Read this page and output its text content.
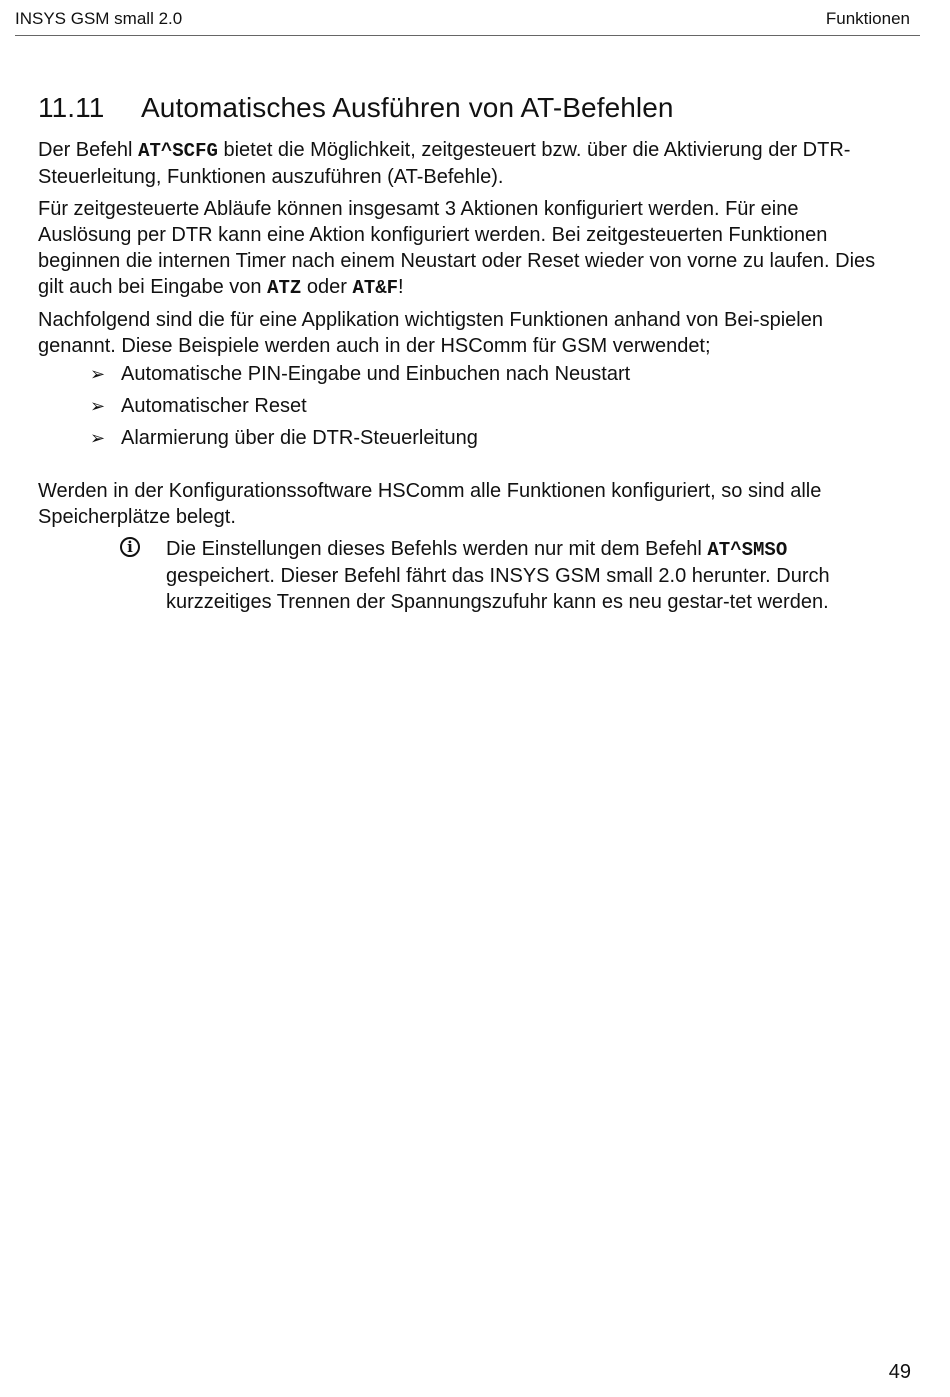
INSYS GSM small 2.0	Funktionen
11.11 Automatisches Ausführen von AT-Befehlen

Der Befehl AT^SCFG bietet die Möglichkeit, zeitgesteuert bzw. über die Aktivierung der DTR-Steuerleitung, Funktionen auszuführen (AT-Befehle).

Für zeitgesteuerte Abläufe können insgesamt 3 Aktionen konfiguriert werden. Für eine Auslösung per DTR kann eine Aktion konfiguriert werden. Bei zeitgesteuerten Funktionen beginnen die internen Timer nach einem Neustart oder Reset wieder von vorne zu laufen. Dies gilt auch bei Eingabe von ATZ oder AT&F!

Nachfolgend sind die für eine Applikation wichtigsten Funktionen anhand von Bei-spielen genannt. Diese Beispiele werden auch in der HSComm für GSM verwendet;

➢ Automatische PIN-Eingabe und Einbuchen nach Neustart
➢ Automatischer Reset
➢ Alarmierung über die DTR-Steuerleitung

Werden in der Konfigurationssoftware HSComm alle Funktionen konfiguriert, so sind alle Speicherplätze belegt.

i	Die Einstellungen dieses Befehls werden nur mit dem Befehl AT^SMSO gespeichert. Dieser Befehl fährt das INSYS GSM small 2.0 herunter. Durch kurzzeitiges Trennen der Spannungszufuhr kann es neu gestar-tet werden.
49
